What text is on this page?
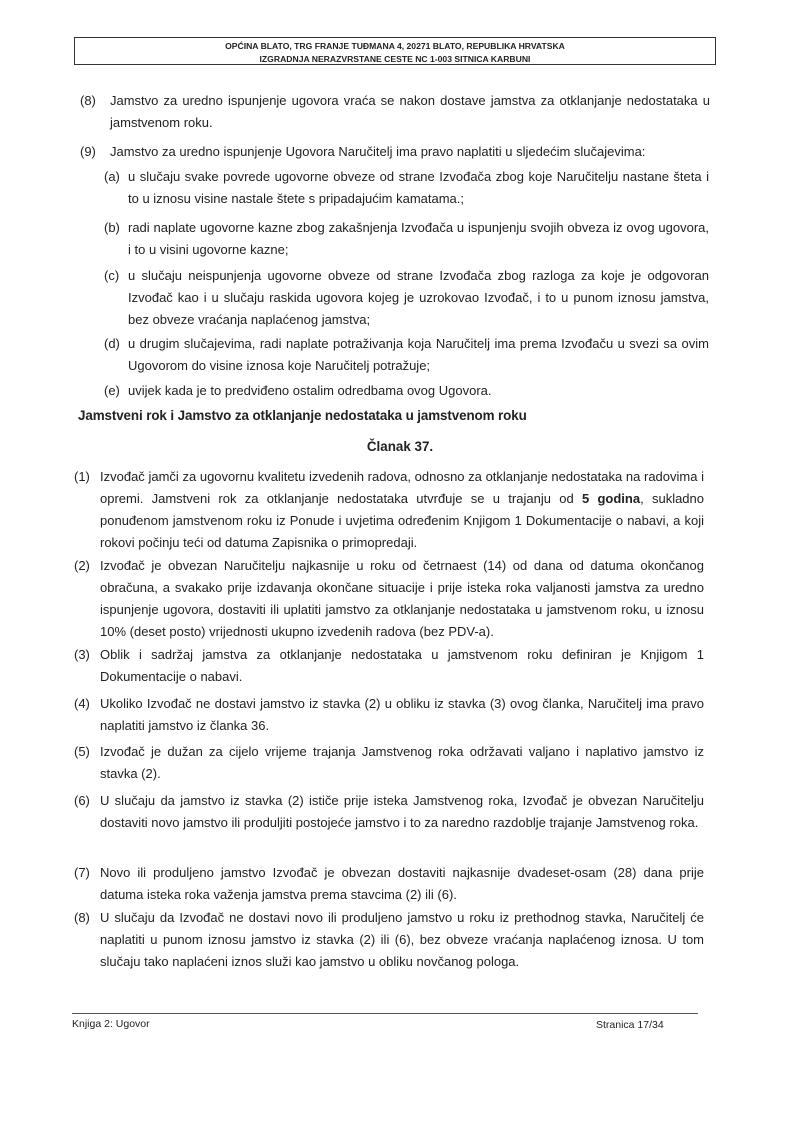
OPĆINA BLATO, TRG FRANJE TUĐMANA 4, 20271 BLATO, REPUBLIKA HRVATSKA
IZGRADNJA NERAZVRSTANE CESTE NC 1-003 SITNICA KARBUNI
(8) Jamstvo za uredno ispunjenje ugovora vraća se nakon dostave jamstva za otklanjanje nedostataka u jamstvenom roku.
(9) Jamstvo za uredno ispunjenje Ugovora Naručitelj ima pravo naplatiti u sljedećim slučajevima:
(a) u slučaju svake povrede ugovorne obveze od strane Izvođača zbog koje Naručitelju nastane šteta i to u iznosu visine nastale štete s pripadajućim kamatama.;
(b) radi naplate ugovorne kazne zbog zakašnjenja Izvođača u ispunjenju svojih obveza iz ovog ugovora, i to u visini ugovorne kazne;
(c) u slučaju neispunjenja ugovorne obveze od strane Izvođača zbog razloga za koje je odgovoran Izvođač kao i u slučaju raskida ugovora kojeg je uzrokovao Izvođač, i to u punom iznosu jamstva, bez obveze vraćanja naplaćenog jamstva;
(d) u drugim slučajevima, radi naplate potraživanja koja Naručitelj ima prema Izvođaču u svezi sa ovim Ugovorom do visine iznosa koje Naručitelj potražuje;
(e) uvijek kada je to predviđeno ostalim odredbama ovog Ugovora.
Jamstveni rok i Jamstvo za otklanjanje nedostataka u jamstvenom roku
Članak 37.
(1) Izvođač jamči za ugovornu kvalitetu izvedenih radova, odnosno za otklanjanje nedostataka na radovima i opremi. Jamstveni rok za otklanjanje nedostataka utvrđuje se u trajanju od 5 godina, sukladno ponuđenom jamstvenom roku iz Ponude i uvjetima određenim Knjigom 1 Dokumentacije o nabavi, a koji rokovi počinju teći od datuma Zapisnika o primopredaji.
(2) Izvođač je obvezan Naručitelju najkasnije u roku od četrnaest (14) od dana od datuma okončanog obračuna, a svakako prije izdavanja okončane situacije i prije isteka roka valjanosti jamstva za uredno ispunjenje ugovora, dostaviti ili uplatiti jamstvo za otklanjanje nedostataka u jamstvenom roku, u iznosu 10% (deset posto) vrijednosti ukupno izvedenih radova (bez PDV-a).
(3) Oblik i sadržaj jamstva za otklanjanje nedostataka u jamstvenom roku definiran je Knjigom 1 Dokumentacije o nabavi.
(4) Ukoliko Izvođač ne dostavi jamstvo iz stavka (2) u obliku iz stavka (3) ovog članka, Naručitelj ima pravo naplatiti jamstvo iz članka 36.
(5) Izvođač je dužan za cijelo vrijeme trajanja Jamstvenog roka održavati valjano i naplativo jamstvo iz stavka (2).
(6) U slučaju da jamstvo iz stavka (2) ističe prije isteka Jamstvenog roka, Izvođač je obvezan Naručitelju dostaviti novo jamstvo ili produljiti postojeće jamstvo i to za naredno razdoblje trajanje Jamstvenog roka.
(7) Novo ili produljeno jamstvo Izvođač je obvezan dostaviti najkasnije dvadeset-osam (28) dana prije datuma isteka roka važenja jamstva prema stavcima (2) ili (6).
(8) U slučaju da Izvođač ne dostavi novo ili produljeno jamstvo u roku iz prethodnog stavka, Naručitelj će naplatiti u punom iznosu jamstvo iz stavka (2) ili (6), bez obveze vraćanja naplaćenog iznosa. U tom slučaju tako naplaćeni iznos služi kao jamstvo u obliku novčanog pologa.
Knjiga 2: Ugovor	Stranica 17/34
